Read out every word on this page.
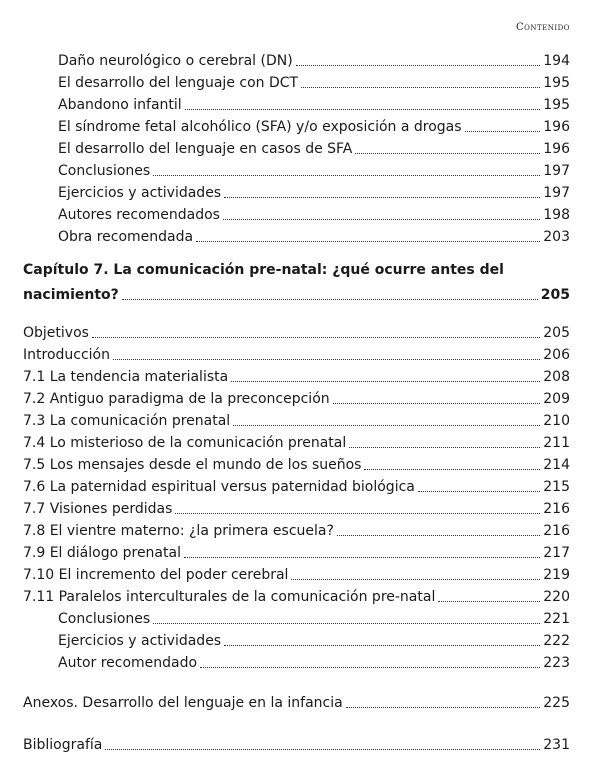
Contenido
Daño neurológico o cerebral (DN)	194
El desarrollo del lenguaje con DCT	195
Abandono infantil	195
El síndrome fetal alcohólico (SFA) y/o exposición a drogas	196
El desarrollo del lenguaje en casos de SFA	196
Conclusiones	197
Ejercicios y actividades	197
Autores recomendados	198
Obra recomendada	203
Capítulo 7. La comunicación pre-natal: ¿qué ocurre antes del
nacimiento?	205
Objetivos	205
Introducción	206
7.1 La tendencia materialista	208
7.2 Antiguo paradigma de la preconcepción	209
7.3 La comunicación prenatal	210
7.4 Lo misterioso de la comunicación prenatal	211
7.5 Los mensajes desde el mundo de los sueños	214
7.6 La paternidad espiritual versus paternidad biológica	215
7.7 Visiones perdidas	216
7.8 El vientre materno: ¿la primera escuela?	216
7.9 El diálogo prenatal	217
7.10 El incremento del poder cerebral	219
7.11 Paralelos interculturales de la comunicación pre-natal	220
Conclusiones	221
Ejercicios y actividades	222
Autor recomendado	223
Anexos. Desarrollo del lenguaje en la infancia	225
Bibliografía	231
